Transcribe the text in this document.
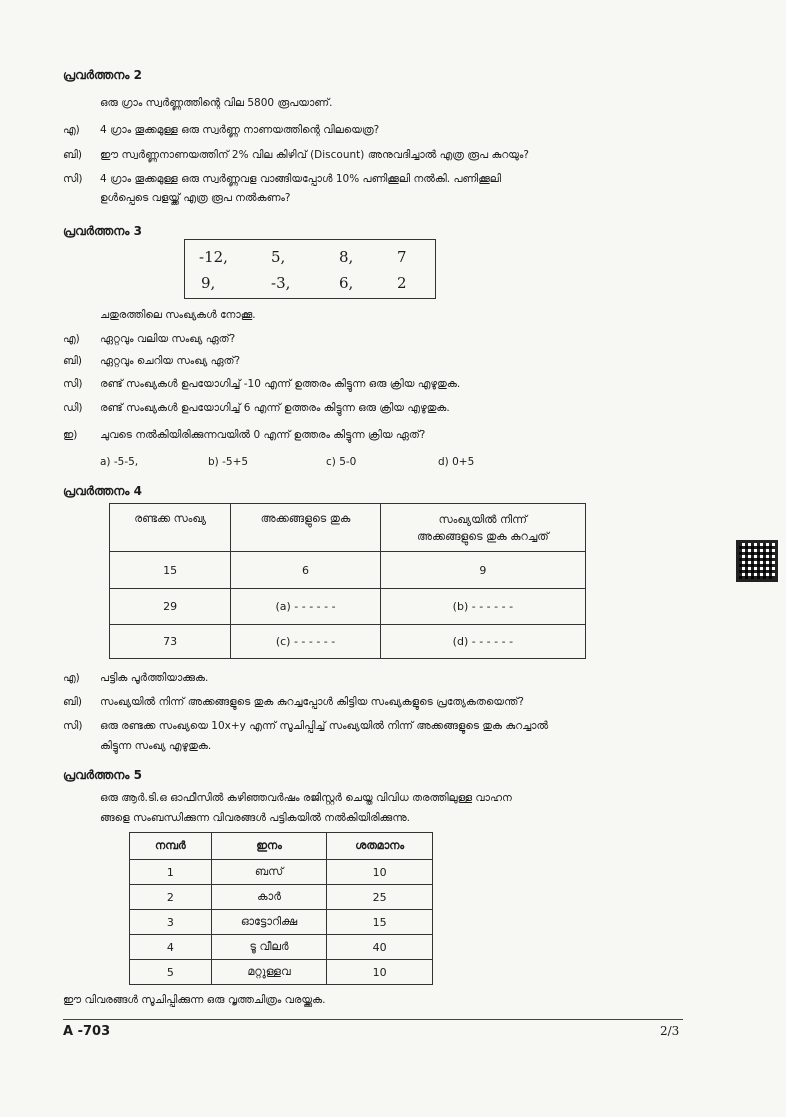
പ്രവർത്തനം 2
ഒരു ഗ്രാം സ്വർണ്ണത്തിന്റെ വില 5800 രൂപയാണ്.
എ) 4 ഗ്രാം തൂക്കമുള്ള ഒരു സ്വർണ്ണ നാണയത്തിന്റെ വിലയെത്ര?
ബി) ഈ സ്വർണ്ണനാണയത്തിന് 2% വില കിഴിവ് (Discount) അനുവദിച്ചാൽ എത്ര രൂപ കുറയും?
സി) 4 ഗ്രാം തൂക്കമുള്ള ഒരു സ്വർണ്ണവള വാങ്ങിയപ്പോൾ 10% പണിക്കൂലി നൽകി. പണിക്കൂലി
ഉൾപ്പെടെ വളയ്ക്ക് എത്ര രൂപ നൽകണം?
പ്രവർത്തനം 3
-12,	5,	8,	7
9,	-3,	6,	2
ചതുരത്തിലെ സംഖ്യകൾ നോക്കൂ.
എ) ഏറ്റവും വലിയ സംഖ്യ ഏത്?
ബി) ഏറ്റവും ചെറിയ സംഖ്യ ഏത്?
സി) രണ്ട് സംഖ്യകൾ ഉപയോഗിച്ച് -10 എന്ന് ഉത്തരം കിട്ടുന്ന ഒരു ക്രിയ എഴുതുക.
ഡി) രണ്ട് സംഖ്യകൾ ഉപയോഗിച്ച് 6 എന്ന് ഉത്തരം കിട്ടുന്ന ഒരു ക്രിയ എഴുതുക.
ഇ) ചുവടെ നൽകിയിരിക്കുന്നവയിൽ 0 എന്ന് ഉത്തരം കിട്ടുന്ന ക്രിയ ഏത്?
a) -5-5,	b) -5+5	c) 5-0	d) 0+5
പ്രവർത്തനം 4
രണ്ടക്ക സംഖ്യ	അക്കങ്ങളുടെ തുക	സംഖ്യയിൽ നിന്ന്
അക്കങ്ങളുടെ തുക കുറച്ചത്
15	6	9
29	(a) - - - - - -	(b) - - - - - -
73	(c) - - - - - -	(d) - - - - - -
എ) പട്ടിക പൂർത്തിയാക്കുക.
ബി) സംഖ്യയിൽ നിന്ന് അക്കങ്ങളുടെ തുക കുറച്ചപ്പോൾ കിട്ടിയ സംഖ്യകളുടെ പ്രത്യേകതയെന്ത്?
സി) ഒരു രണ്ടക്ക സംഖ്യയെ 10x+y എന്ന് സൂചിപ്പിച്ച് സംഖ്യയിൽ നിന്ന് അക്കങ്ങളുടെ തുക കുറച്ചാൽ
കിട്ടുന്ന സംഖ്യ എഴുതുക.
പ്രവർത്തനം 5
ഒരു ആർ.ടി.ഒ ഓഫീസിൽ കഴിഞ്ഞവർഷം രജിസ്റ്റർ ചെയ്ത വിവിധ തരത്തിലുള്ള വാഹന
ങ്ങളെ സംബന്ധിക്കുന്ന വിവരങ്ങൾ പട്ടികയിൽ നൽകിയിരിക്കുന്നു.
നമ്പർ	ഇനം	ശതമാനം
1	ബസ്	10
2	കാർ	25
3	ഓട്ടോറിക്ഷ	15
4	ടൂ വീലർ	40
5	മറ്റുള്ളവ	10
ഈ വിവരങ്ങൾ സൂചിപ്പിക്കുന്ന ഒരു വൃത്തചിത്രം വരയ്ക്കുക.
A -703	2/3
